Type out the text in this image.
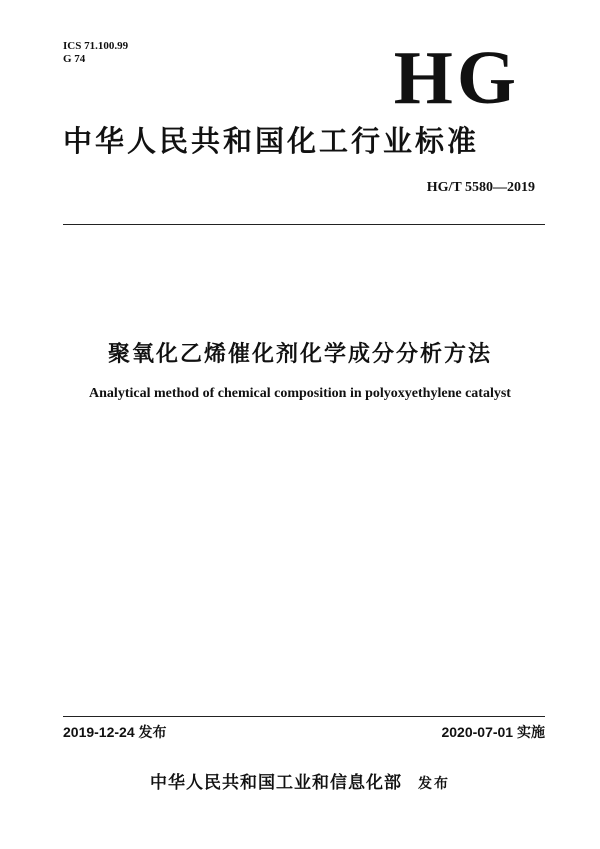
ICS 71.100.99
G 74	HG
中华人民共和国化工行业标准
HG/T 5580—2019
聚氧化乙烯催化剂化学成分分析方法
Analytical method of chemical composition in polyoxyethylene catalyst
2019-12-24 发布	2020-07-01 实施
中华人民共和国工业和信息化部 发布
